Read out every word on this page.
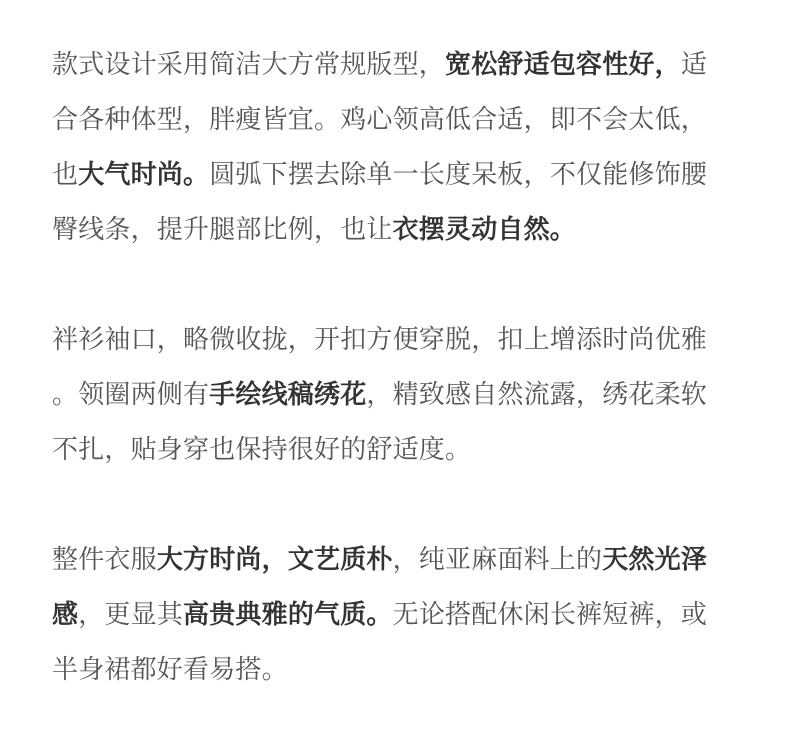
款式设计采用简洁大方常规版型，宽松舒适包容性好，适
合各种体型，胖瘦皆宜。鸡心领高低合适，即不会太低，
也大气时尚。圆弧下摆去除单一长度呆板，不仅能修饰腰
臀线条，提升腿部比例，也让衣摆灵动自然。
袢衫袖口，略微收拢，开扣方便穿脱，扣上增添时尚优雅
。领圈两侧有手绘线稿绣花，精致感自然流露，绣花柔软
不扎，贴身穿也保持很好的舒适度。
整件衣服大方时尚，文艺质朴，纯亚麻面料上的天然光泽
感，更显其高贵典雅的气质。无论搭配休闲长裤短裤，或
半身裙都好看易搭。
